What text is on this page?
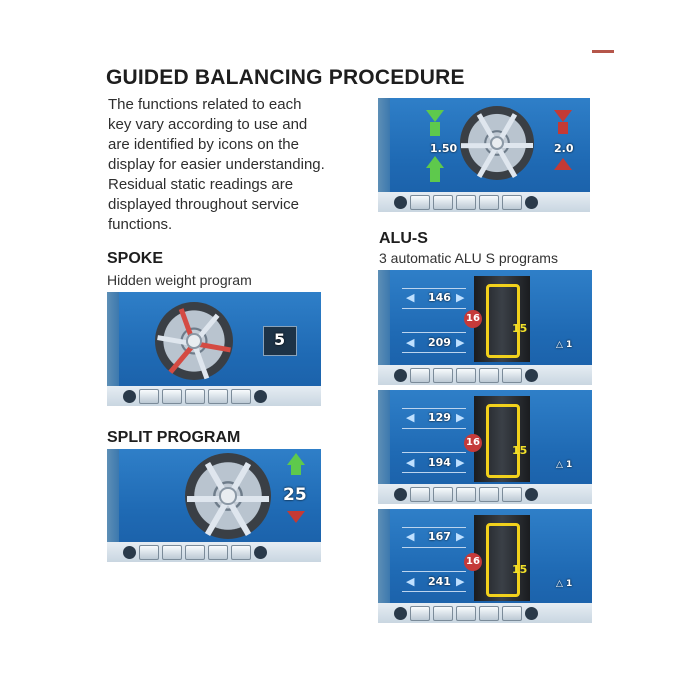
GUIDED BALANCING PROCEDURE
The functions related to each
key vary according to use and
are identified by icons on the
display for easier understanding.
Residual static readings are
displayed throughout service
functions.
1.50	2.0
SPOKE
Hidden weight program
5
SPLIT PROGRAM
25
ALU-S
3 automatic ALU S programs
◀ 146 ▶
◀ 209 ▶
16
15
△ 1
◀ 129 ▶
◀ 194 ▶
16
15
△ 1
◀ 167 ▶
◀ 241 ▶
16
15
△ 1
